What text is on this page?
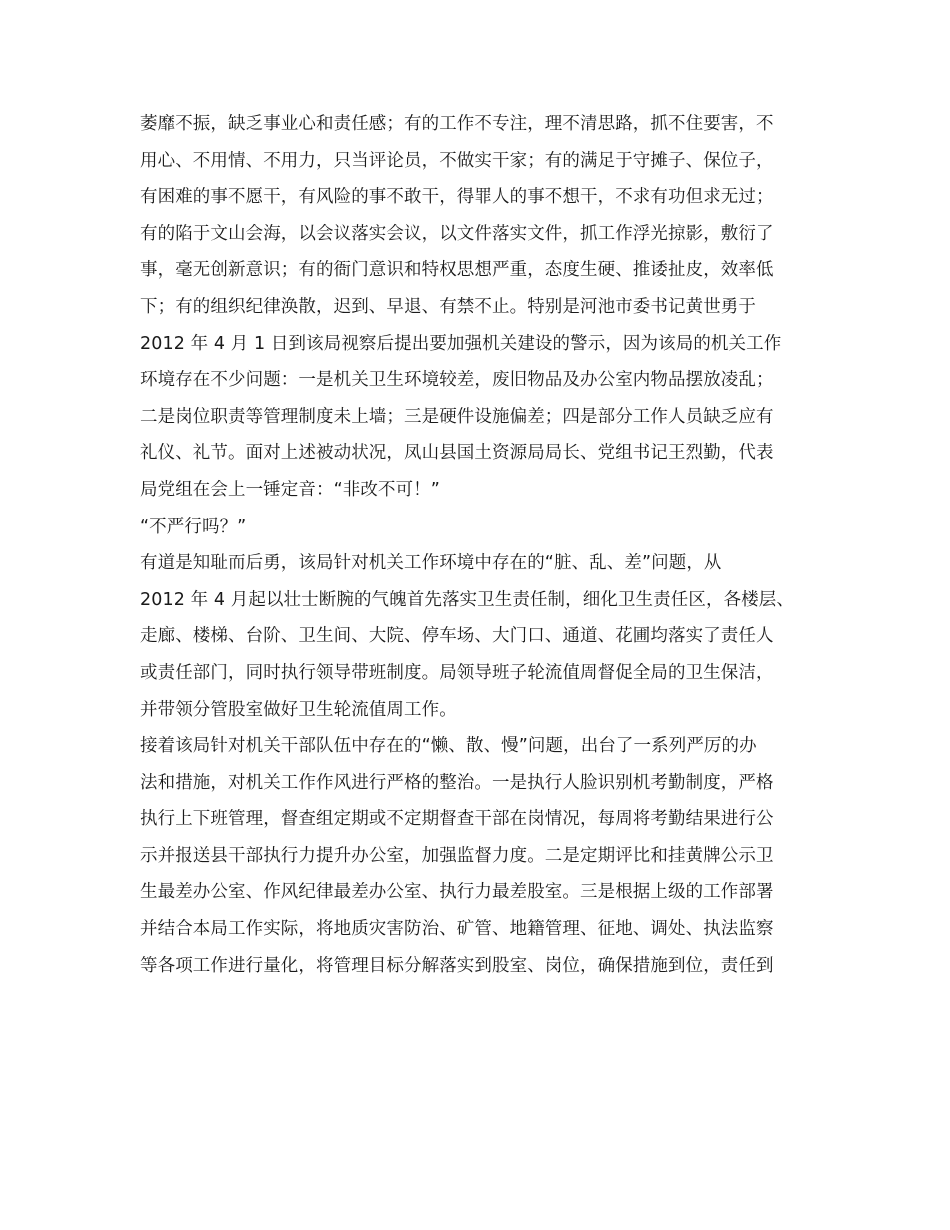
萎靡不振，缺乏事业心和责任感；有的工作不专注，理不清思路，抓不住要害，不
用心、不用情、不用力，只当评论员，不做实干家；有的满足于守摊子、保位子，
有困难的事不愿干，有风险的事不敢干，得罪人的事不想干，不求有功但求无过；
有的陷于文山会海，以会议落实会议，以文件落实文件，抓工作浮光掠影，敷衍了
事，毫无创新意识；有的衙门意识和特权思想严重，态度生硬、推诿扯皮，效率低
下；有的组织纪律涣散，迟到、早退、有禁不止。特别是河池市委书记黄世勇于
2012 年 4 月 1 日到该局视察后提出要加强机关建设的警示，因为该局的机关工作
环境存在不少问题：一是机关卫生环境较差，废旧物品及办公室内物品摆放凌乱；
二是岗位职责等管理制度未上墙；三是硬件设施偏差；四是部分工作人员缺乏应有
礼仪、礼节。面对上述被动状况，凤山县国土资源局局长、党组书记王烈勤，代表
局党组在会上一锤定音：“非改不可！”
“不严行吗？”
有道是知耻而后勇，该局针对机关工作环境中存在的“脏、乱、差”问题，从
2012 年 4 月起以壮士断腕的气魄首先落实卫生责任制，细化卫生责任区，各楼层、
走廊、楼梯、台阶、卫生间、大院、停车场、大门口、通道、花圃均落实了责任人
或责任部门，同时执行领导带班制度。局领导班子轮流值周督促全局的卫生保洁，
并带领分管股室做好卫生轮流值周工作。
接着该局针对机关干部队伍中存在的“懒、散、慢”问题，出台了一系列严厉的办
法和措施，对机关工作作风进行严格的整治。一是执行人脸识别机考勤制度，严格
执行上下班管理，督查组定期或不定期督查干部在岗情况，每周将考勤结果进行公
示并报送县干部执行力提升办公室，加强监督力度。二是定期评比和挂黄牌公示卫
生最差办公室、作风纪律最差办公室、执行力最差股室。三是根据上级的工作部署
并结合本局工作实际，将地质灾害防治、矿管、地籍管理、征地、调处、执法监察
等各项工作进行量化，将管理目标分解落实到股室、岗位，确保措施到位，责任到
